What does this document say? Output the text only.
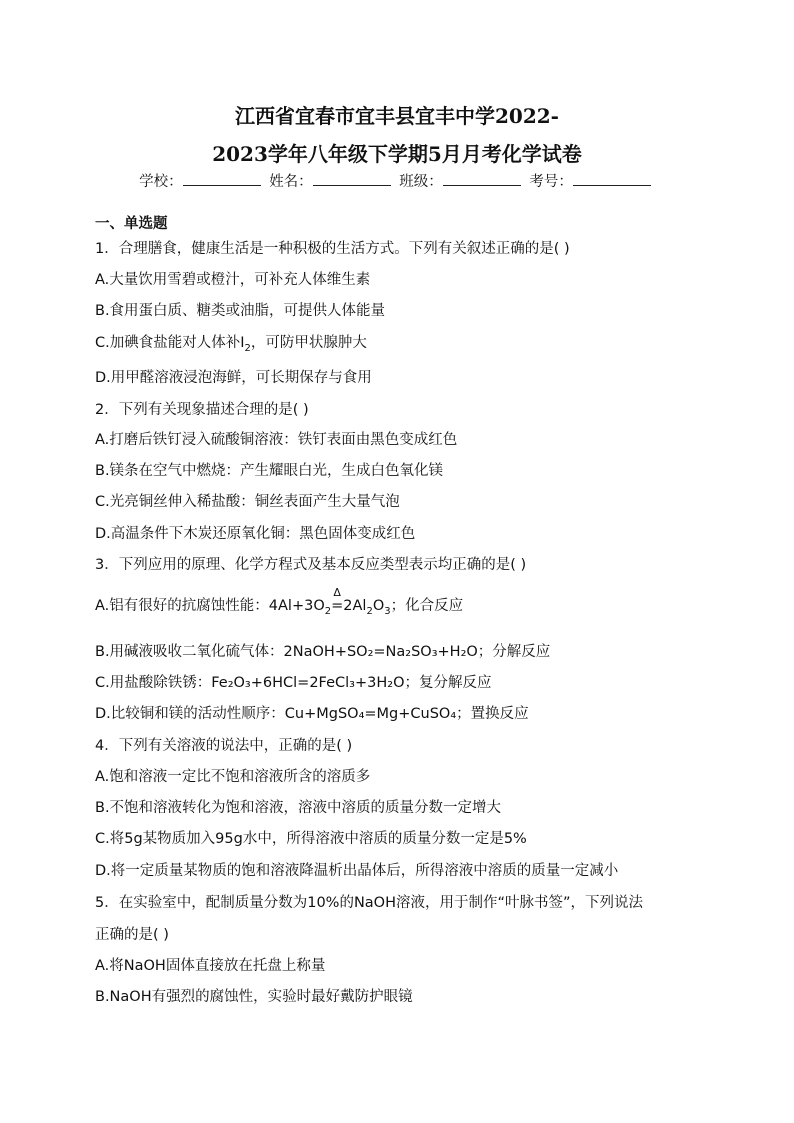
江西省宜春市宜丰县宜丰中学2022-
2023学年八年级下学期5月月考化学试卷
学校：	姓名：	班级：	考号：
一、单选题
1．合理膳食，健康生活是一种积极的生活方式。下列有关叙述正确的是( )
A.大量饮用雪碧或橙汁，可补充人体维生素
B.食用蛋白质、糖类或油脂，可提供人体能量
C.加碘食盐能对人体补$I_2$，可防甲状腺肿大
D.用甲醛溶液浸泡海鲜，可长期保存与食用
2．下列有关现象描述合理的是( )
A.打磨后铁钉浸入硫酸铜溶液：铁钉表面由黑色变成红色
B.镁条在空气中燃烧：产生耀眼白光，生成白色氧化镁
C.光亮铜丝伸入稀盐酸：铜丝表面产生大量气泡
D.高温条件下木炭还原氧化铜：黑色固体变成红色
3．下列应用的原理、化学方程式及基本反应类型表示均正确的是( )
A.铝有很好的抗腐蚀性能：$4Al+3O_2$
Δ
$=2Al_2O_3$；化合反应
B.用碱液吸收二氧化硫气体：2NaOH+SO₂=Na₂SO₃+H₂O；分解反应
C.用盐酸除铁锈：Fe₂O₃+6HCl=2FeCl₃+3H₂O；复分解反应
D.比较铜和镁的活动性顺序：Cu+MgSO₄=Mg+CuSO₄；置换反应
4．下列有关溶液的说法中，正确的是( )
A.饱和溶液一定比不饱和溶液所含的溶质多
B.不饱和溶液转化为饱和溶液，溶液中溶质的质量分数一定增大
C.将5g某物质加入95g水中，所得溶液中溶质的质量分数一定是5%
D.将一定质量某物质的饱和溶液降温析出晶体后，所得溶液中溶质的质量一定减小
5．在实验室中，配制质量分数为10%的NaOH溶液，用于制作“叶脉书签”，下列说法
正确的是( )
A.将NaOH固体直接放在托盘上称量
B.NaOH有强烈的腐蚀性，实验时最好戴防护眼镜
